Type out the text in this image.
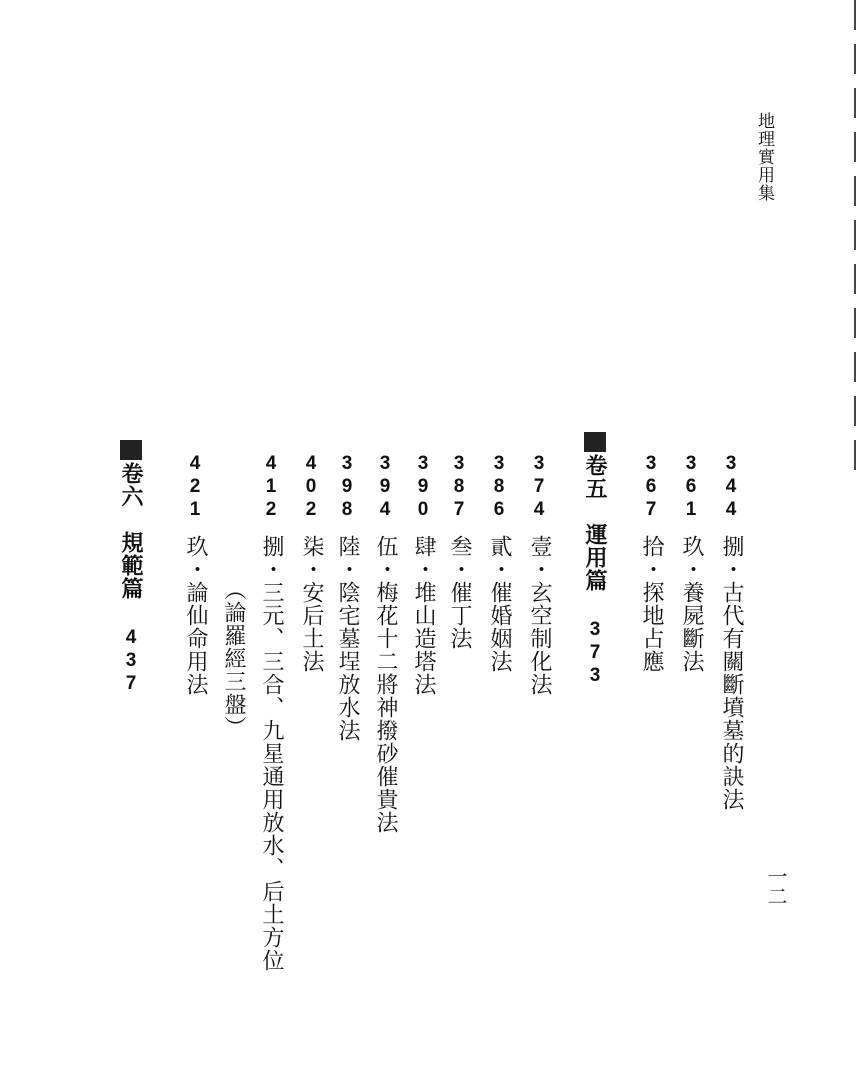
地理實用集
一二
3
4
4
捌・古代有關斷墳墓的訣法
3
6
1
玖・養屍斷法
3
6
7
拾・探地占應
卷五　運用篇
3
7
3
3
7
4
壹・玄空制化法
3
8
6
貳・催婚姻法
3
8
7
叁・催丁法
3
9
0
肆・堆山造塔法
3
9
4
伍・梅花十二將神撥砂催貴法
3
9
8
陸・陰宅墓埕放水法
4
0
2
柒・安后土法
4
1
2
捌・三元、三合、九星通用放水、后土方位
（論羅經三盤）
4
2
1
玖・論仙命用法
卷六　規範篇
4
3
7
